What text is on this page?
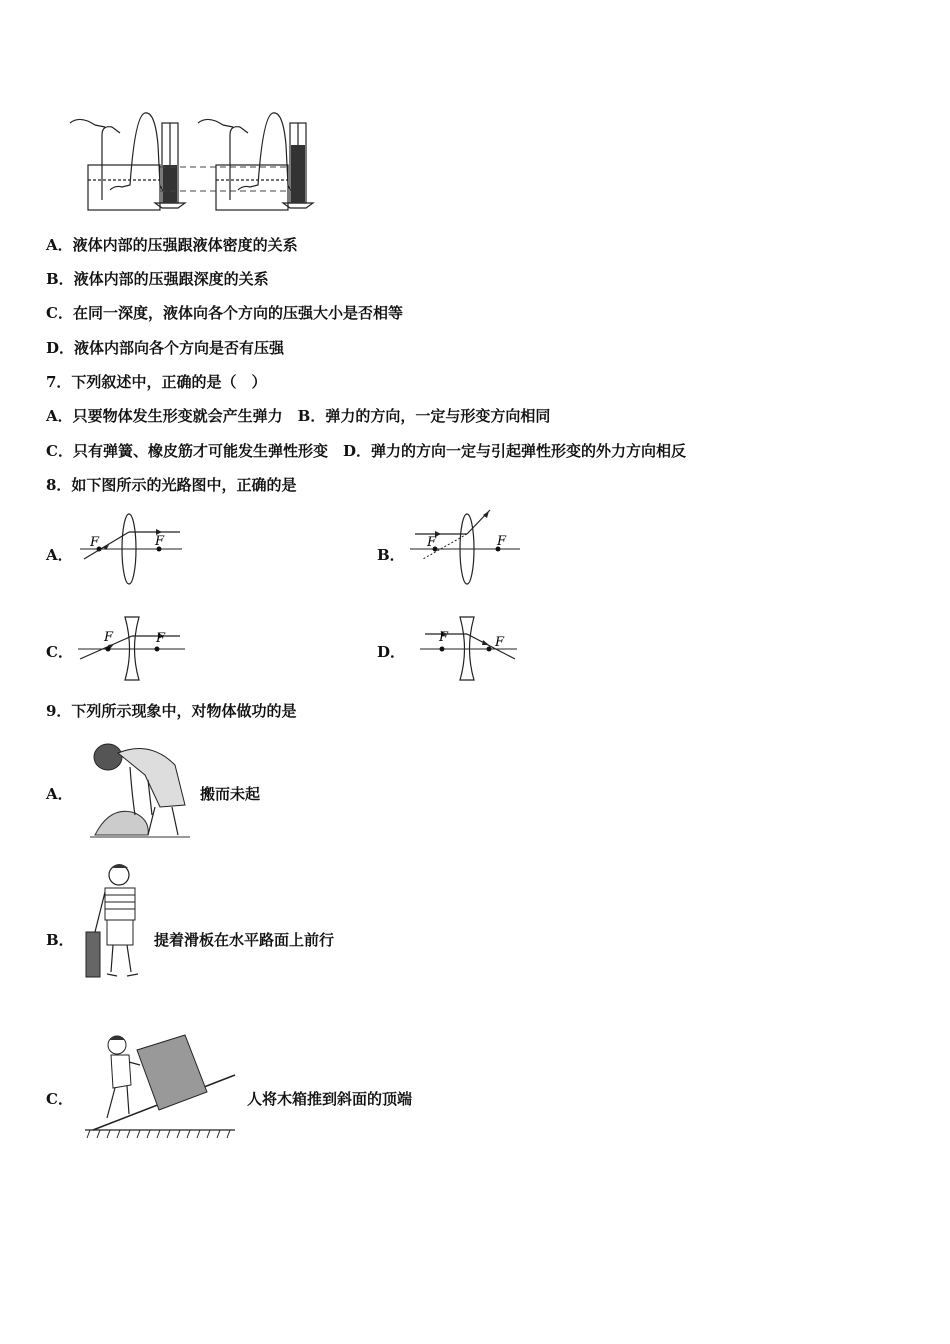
A．液体内部的压强跟液体密度的关系
B．液体内部的压强跟深度的关系
C．在同一深度，液体向各个方向的压强大小是否相等
D．液体内部向各个方向是否有压强
7．下列叙述中，正确的是（　）
A．只要物体发生形变就会产生弹力　B．弹力的方向，一定与形变方向相同
C．只有弹簧、橡皮筋才可能发生弹性形变　D．弹力的方向一定与引起弹性形变的外力方向相反
8．如下图所示的光路图中，正确的是
A．
F	F
B．
F	F
C．
F	F
D．
F	F
9．下列所示现象中，对物体做功的是
A．	搬而未起
B．	提着滑板在水平路面上前行
C．	人将木箱推到斜面的顶端
